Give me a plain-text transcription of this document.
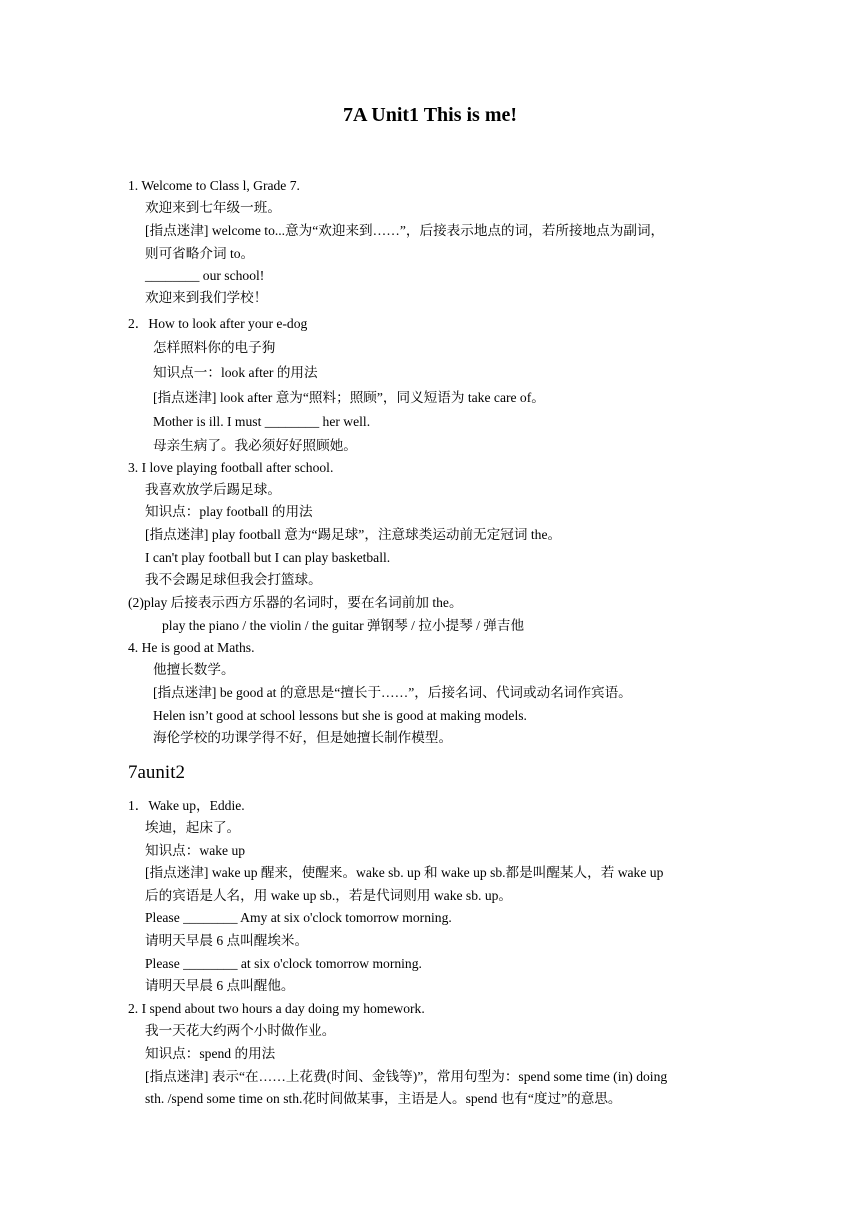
7A Unit1 This is me!
1. Welcome to Class l, Grade 7.
欢迎来到七年级一班。
[指点迷津] welcome to...意为“欢迎来到……”，后接表示地点的词，若所接地点为副词，
则可省略介词 to。
________ our school!
欢迎来到我们学校！
2．How to look after your e-dog
怎样照料你的电子狗
知识点一：look after 的用法
[指点迷津] look after 意为“照料；照顾”，同义短语为 take care of。
Mother is ill. I must ________ her well.
母亲生病了。我必须好好照顾她。
3. I love playing football after school.
我喜欢放学后踢足球。
知识点：play football 的用法
[指点迷津] play football 意为“踢足球”，注意球类运动前无定冠词 the。
I can't play football but I can play basketball.
我不会踢足球但我会打篮球。
(2)play 后接表示西方乐器的名词时，要在名词前加 the。
play the piano / the violin / the guitar 弹钢琴 / 拉小提琴 / 弹吉他
4. He is good at Maths.
他擅长数学。
[指点迷津] be good at 的意思是“擅长于……”，后接名词、代词或动名词作宾语。
Helen isn’t good at school lessons but she is good at making models.
海伦学校的功课学得不好，但是她擅长制作模型。
7aunit2
1．Wake up，Eddie.
埃迪，起床了。
知识点：wake up
[指点迷津] wake up 醒来，使醒来。wake sb. up 和 wake up sb.都是叫醒某人，若 wake up
后的宾语是人名，用 wake up sb.，若是代词则用 wake sb. up。
Please ________ Amy at six o'clock tomorrow morning.
请明天早晨 6 点叫醒埃米。
Please ________ at six o'clock tomorrow morning.
请明天早晨 6 点叫醒他。
2. I spend about two hours a day doing my homework.
我一天花大约两个小时做作业。
知识点：spend 的用法
[指点迷津] 表示“在……上花费(时间、金钱等)”，常用句型为：spend some time (in) doing
sth. /spend some time on sth.花时间做某事，主语是人。spend 也有“度过”的意思。
